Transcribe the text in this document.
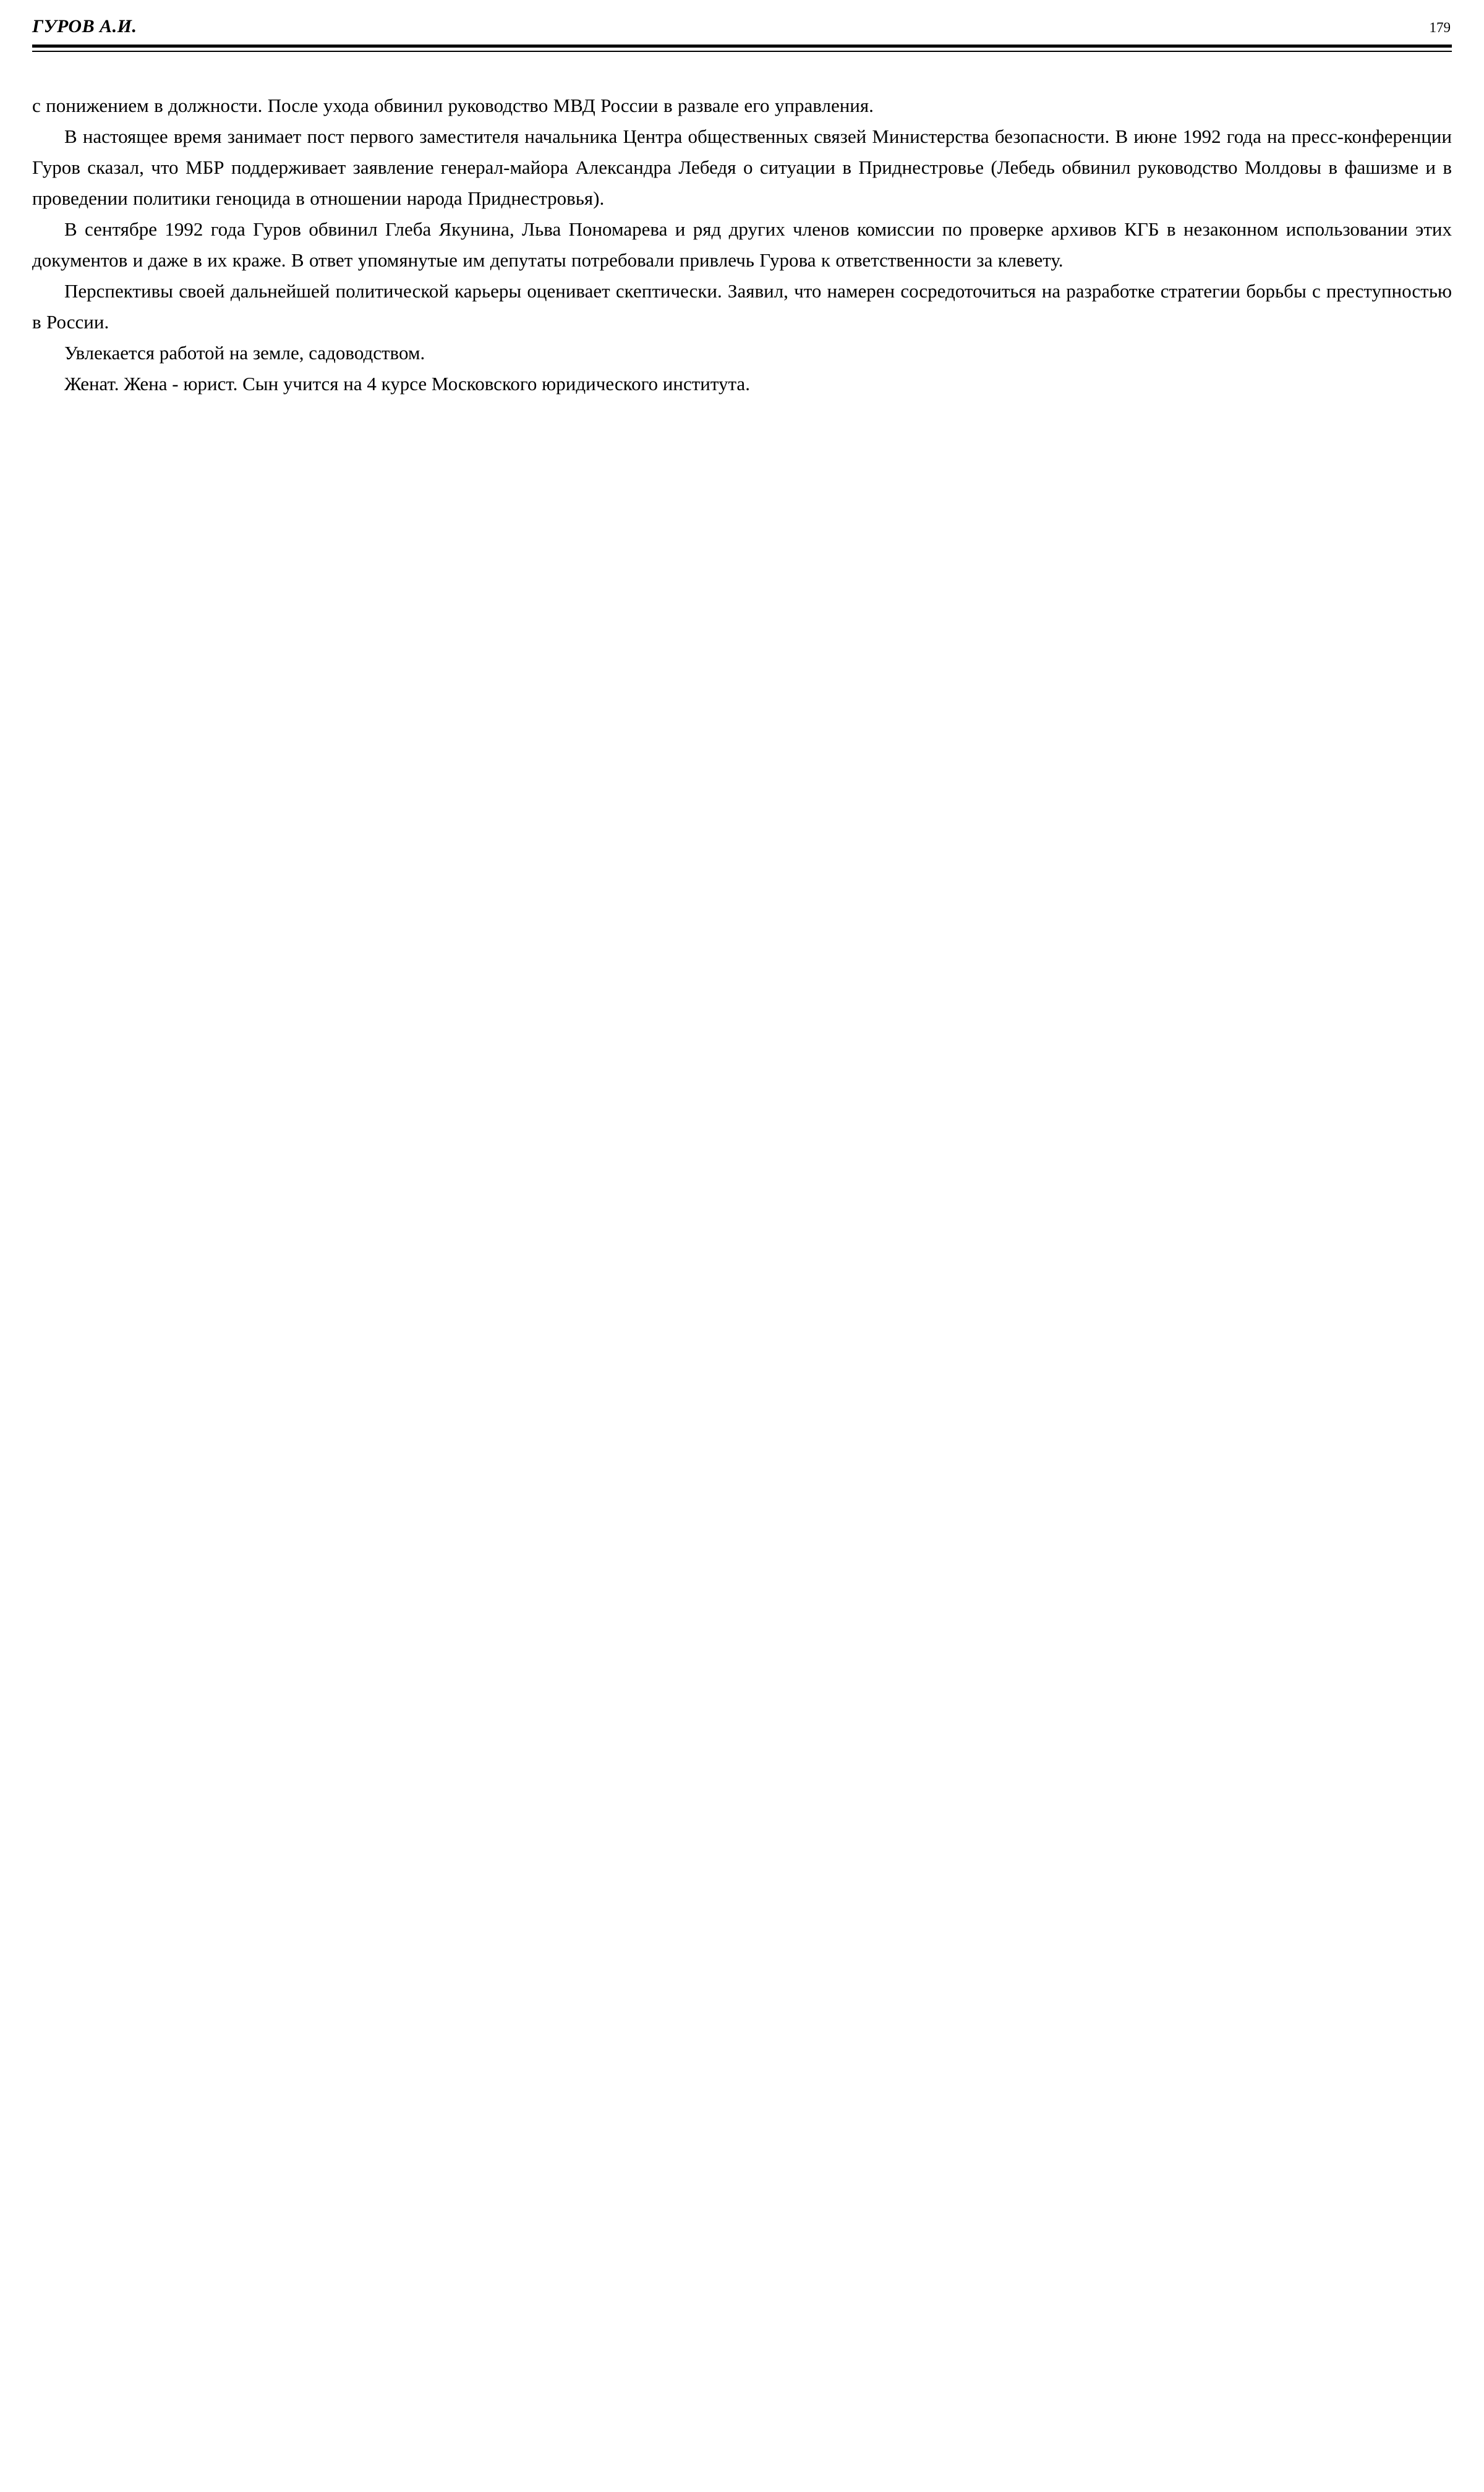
ГУРОВ А.И.	179

с понижением в должности. После ухода обвинил руководство МВД России в развале его управления.

В настоящее время занимает пост первого заместителя начальника Центра общественных связей Министерства безопасности. В июне 1992 года на пресс-конференции Гуров сказал, что МБР поддерживает заявление генерал-майора Александра Лебедя о ситуации в Приднестровье (Лебедь обвинил руководство Молдовы в фашизме и в проведении политики геноцида в отношении народа Приднестровья).

В сентябре 1992 года Гуров обвинил Глеба Якунина, Льва Пономарева и ряд других членов комиссии по проверке архивов КГБ в незаконном использовании этих документов и даже в их краже. В ответ упомянутые им депутаты потребовали привлечь Гурова к ответственности за клевету.

Перспективы своей дальнейшей политической карьеры оценивает скептически. Заявил, что намерен сосредоточиться на разработке стратегии борьбы с преступностью в России.

Увлекается работой на земле, садоводством.

Женат. Жена - юрист. Сын учится на 4 курсе Московского юридического института.
